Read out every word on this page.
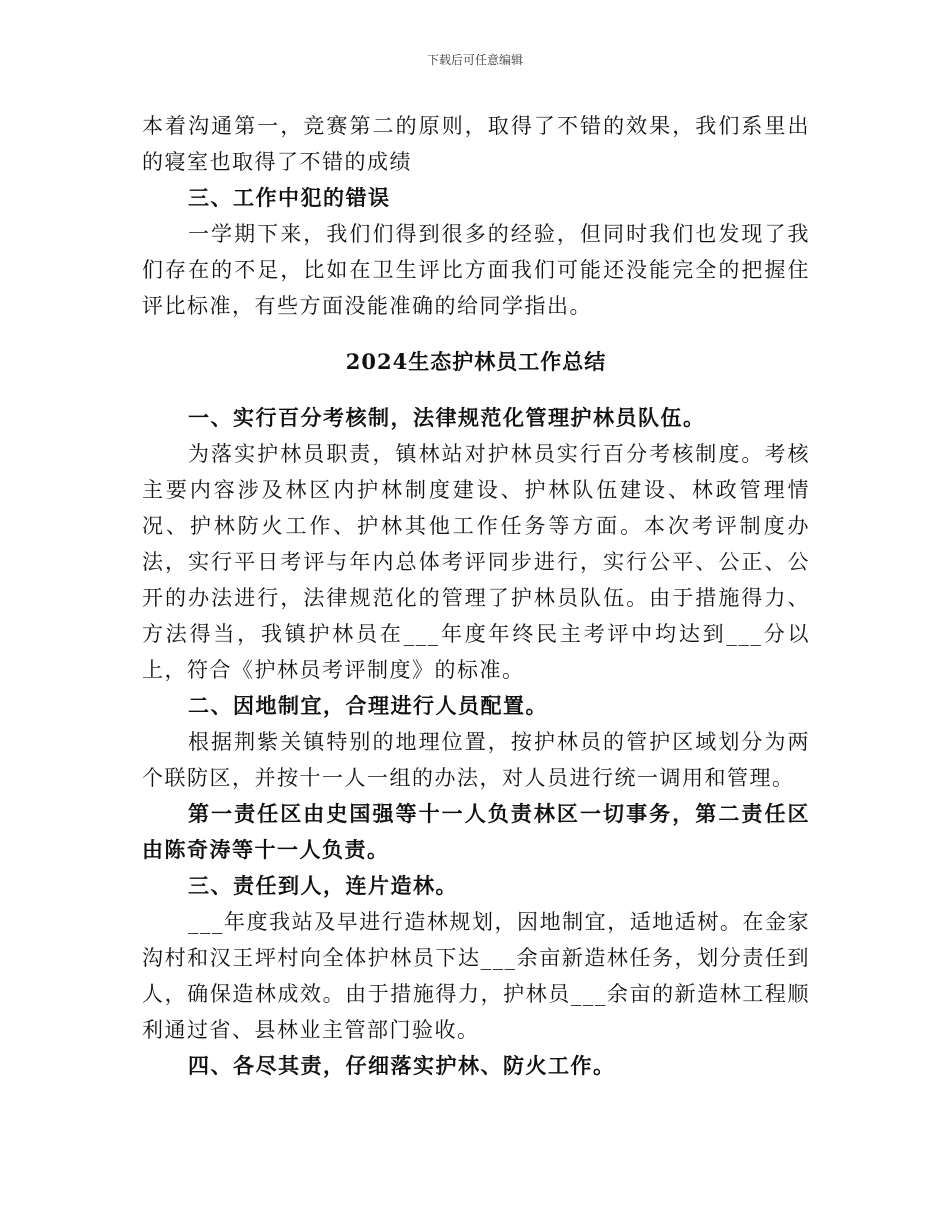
下载后可任意编辑

本着沟通第一，竞赛第二的原则，取得了不错的效果，我们系里出的寝室也取得了不错的成绩

三、工作中犯的错误

一学期下来，我们们得到很多的经验，但同时我们也发现了我们存在的不足，比如在卫生评比方面我们可能还没能完全的把握住评比标准，有些方面没能准确的给同学指出。

2024生态护林员工作总结

一、实行百分考核制，法律规范化管理护林员队伍。

为落实护林员职责，镇林站对护林员实行百分考核制度。考核主要内容涉及林区内护林制度建设、护林队伍建设、林政管理情况、护林防火工作、护林其他工作任务等方面。本次考评制度办法，实行平日考评与年内总体考评同步进行，实行公平、公正、公开的办法进行，法律规范化的管理了护林员队伍。由于措施得力、方法得当，我镇护林员在___年度年终民主考评中均达到___分以上，符合《护林员考评制度》的标准。

二、因地制宜，合理进行人员配置。

根据荆紫关镇特别的地理位置，按护林员的管护区域划分为两个联防区，并按十一人一组的办法，对人员进行统一调用和管理。

第一责任区由史国强等十一人负责林区一切事务，第二责任区由陈奇涛等十一人负责。

三、责任到人，连片造林。

___年度我站及早进行造林规划，因地制宜，适地适树。在金家沟村和汉王坪村向全体护林员下达___余亩新造林任务，划分责任到人，确保造林成效。由于措施得力，护林员___余亩的新造林工程顺利通过省、县林业主管部门验收。

四、各尽其责，仔细落实护林、防火工作。
